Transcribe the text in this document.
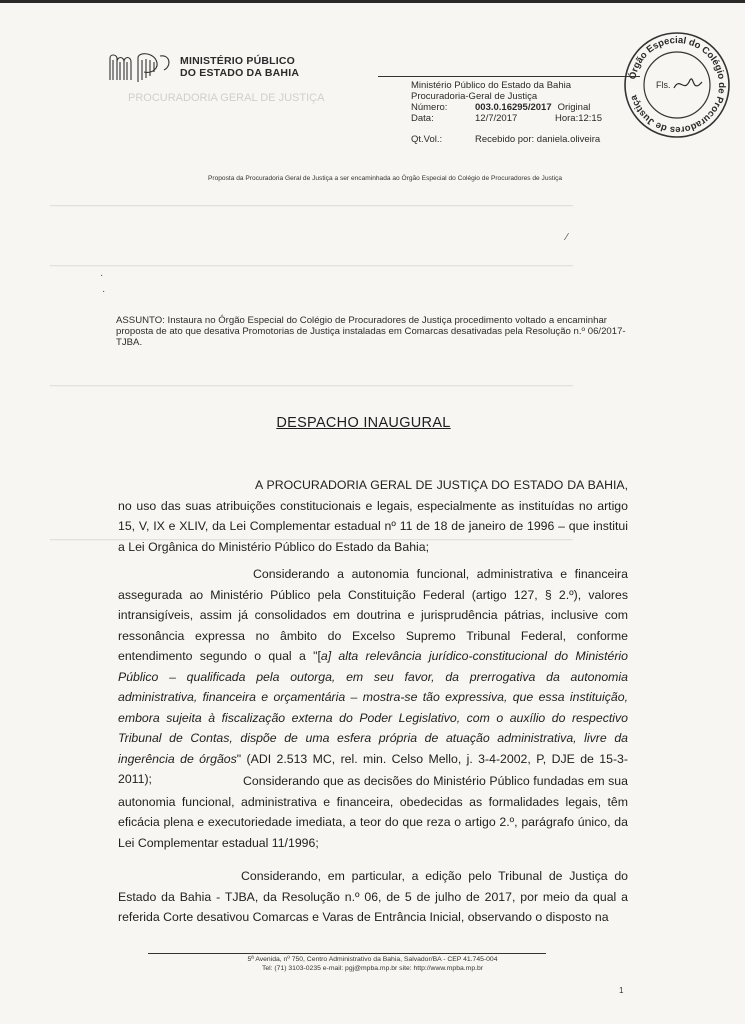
PROCURADORIA GERAL DE JUSTIÇA
MINISTÉRIO PÚBLICO
DO ESTADO DA BAHIA
Ministério Público do Estado da Bahia
Procuradoria-Geral de Justiça
Número:	003.0.16295/2017 Original
Data:	12/7/2017	Hora:12:15
Qt.Vol.:	Recebido por: daniela.oliveira
Órgão Especial do Colégio de Procuradores de Justiça
Fls.
______________________________________________________________________________________________
______________________________________________________________________________________________
______________________________________________________________________________________________
______________________________________________________________________________________________
Proposta da Procuradoria Geral de Justiça a ser encaminhada ao Órgão Especial do Colégio de Procuradores de Justiça
∕
·
·
ASSUNTO: Instaura no Órgão Especial do Colégio de Procuradores de Justiça procedimento voltado a encaminhar proposta de ato que desativa Promotorias de Justiça instaladas em Comarcas desativadas pela Resolução n.º 06/2017-TJBA.
DESPACHO INAUGURAL
A PROCURADORIA GERAL DE JUSTIÇA DO ESTADO DA BAHIA, no uso das suas atribuições constitucionais e legais, especialmente as instituídas no artigo 15, V, IX e XLIV, da Lei Complementar estadual nº 11 de 18 de janeiro de 1996 – que institui a Lei Orgânica do Ministério Público do Estado da Bahia;
Considerando a autonomia funcional, administrativa e financeira assegurada ao Ministério Público pela Constituição Federal (artigo 127, § 2.º), valores intransigíveis, assim já consolidados em doutrina e jurisprudência pátrias, inclusive com ressonância expressa no âmbito do Excelso Supremo Tribunal Federal, conforme entendimento segundo o qual a "[a] alta relevância jurídico-constitucional do Ministério Público – qualificada pela outorga, em seu favor, da prerrogativa da autonomia administrativa, financeira e orçamentária – mostra-se tão expressiva, que essa instituição, embora sujeita à fiscalização externa do Poder Legislativo, com o auxílio do respectivo Tribunal de Contas, dispõe de uma esfera própria de atuação administrativa, livre da ingerência de órgãos" (ADI 2.513 MC, rel. min. Celso Mello, j. 3-4-2002, P, DJE de 15-3-2011);	Considerando que as decisões do Ministério Público fundadas em sua autonomia funcional, administrativa e financeira, obedecidas as formalidades legais, têm eficácia plena e executoriedade imediata, a teor do que reza o artigo 2.º, parágrafo único, da Lei Complementar estadual 11/1996;
Considerando, em particular, a edição pelo Tribunal de Justiça do Estado da Bahia - TJBA, da Resolução n.º 06, de 5 de julho de 2017, por meio da qual a referida Corte desativou Comarcas e Varas de Entrância Inicial, observando o disposto na
5ª Avenida, nº 750, Centro Administrativo da Bahia, Salvador/BA - CEP 41.745-004
Tel: (71) 3103-0235 e-mail: pgj@mpba.mp.br site: http://www.mpba.mp.br
1
